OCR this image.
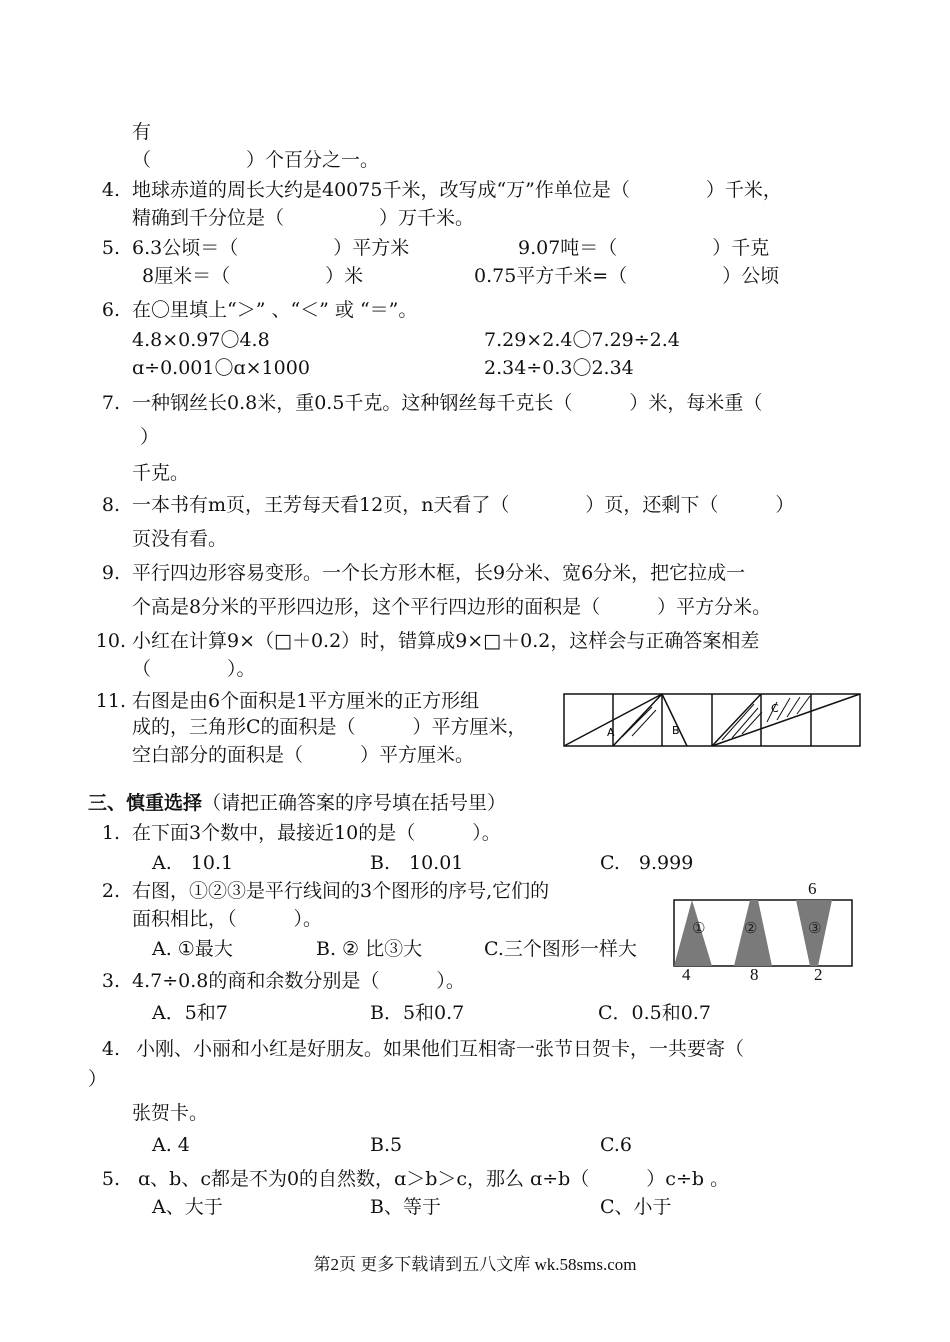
有
（　　　　　）个百分之一。
4. 地球赤道的周长大约是40075千米，改写成“万”作单位是（　　　　）千米，
精确到千分位是（　　　　　）万千米。
5. 6.3公顷＝（　　　　　）平方米	9.07吨＝（　　　　　）千克
8厘米＝（　　　　　）米	0.75平方千米=（　　　　　）公顷
6. 在〇里填上“＞” 、“＜” 或 “＝”。
4.8×0.97〇4.8	7.29×2.4〇7.29÷2.4
ɑ÷0.001〇ɑ×1000	2.34÷0.3〇2.34
7. 一种钢丝长0.8米，重0.5千克。这种钢丝每千克长（　　　）米，每米重（
）
千克。
8. 一本书有m页，王芳每天看12页，n天看了（　　　　）页，还剩下（　　　）
页没有看。
9. 平行四边形容易变形。一个长方形木框，长9分米、宽6分米，把它拉成一
个高是8分米的平形四边形，这个平行四边形的面积是（　　　）平方分米。
10. 小红在计算9×（□＋0.2）时，错算成9×□＋0.2，这样会与正确答案相差
（　　　　）。
11. 右图是由6个面积是1平方厘米的正方形组
成的，三角形C的面积是（　　　）平方厘米，
空白部分的面积是（　　　）平方厘米。
A	B
C
三、慎重选择（请把正确答案的序号填在括号里）
1. 在下面3个数中，最接近10的是（　　　）。
A.　10.1	B.　10.01	C.　9.999
2. 右图，①②③是平行线间的3个图形的序号,它们的
面积相比，（　　　）。
A. ①最大	B. ② 比③大	C.三个图形一样大
6
①	②	③
4	8	2
3. 4.7÷0.8的商和余数分别是（　　　）。
A．5和7	B．5和0.7	C．0.5和0.7
4. 小刚、小丽和小红是好朋友。如果他们互相寄一张节日贺卡，一共要寄（
）
张贺卡。
A. 4	B.5	C.6
5. ɑ、b、c都是不为0的自然数，ɑ＞b＞c，那么 ɑ÷b（　　　）c÷b 。
A、大于	B、等于	C、小于
第2页 更多下载请到五八文库 wk.58sms.com
